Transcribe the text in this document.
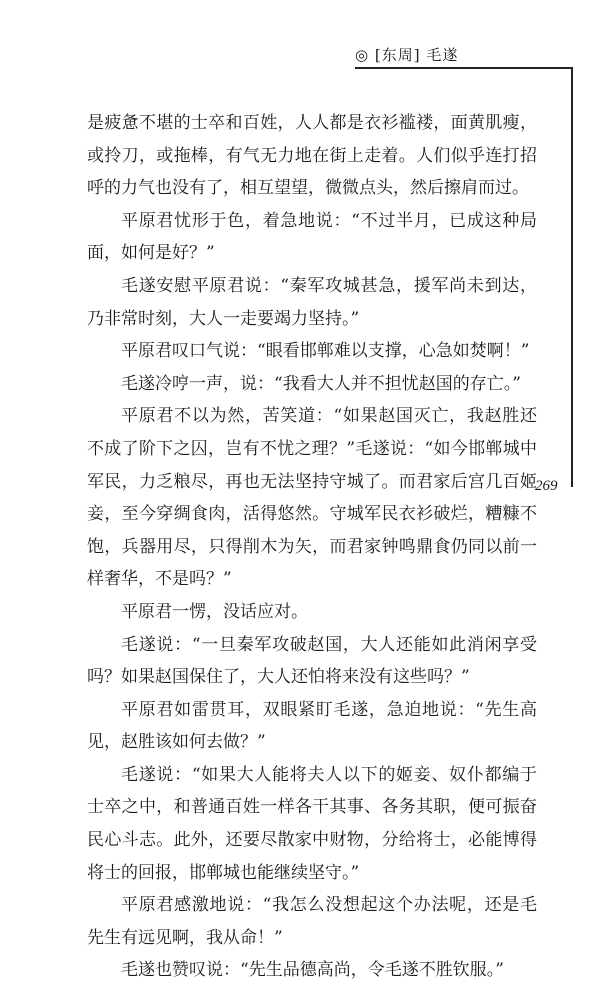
◎ [东周] 毛遂
269

是疲惫不堪的士卒和百姓，人人都是衣衫褴褛，面黄肌瘦，或拎刀，或拖棒，有气无力地在街上走着。人们似乎连打招呼的力气也没有了，相互望望，微微点头，然后擦肩而过。

平原君忧形于色，着急地说：“不过半月，已成这种局面，如何是好？”

毛遂安慰平原君说：“秦军攻城甚急，援军尚未到达，乃非常时刻，大人一走要竭力坚持。”

平原君叹口气说：“眼看邯郸难以支撑，心急如焚啊！”

毛遂冷哼一声，说：“我看大人并不担忧赵国的存亡。”

平原君不以为然，苦笑道：“如果赵国灭亡，我赵胜还不成了阶下之囚，岂有不忧之理？”毛遂说：“如今邯郸城中军民，力乏粮尽，再也无法坚持守城了。而君家后宫几百姬妾，至今穿绸食肉，活得悠然。守城军民衣衫破烂，糟糠不饱，兵器用尽，只得削木为矢，而君家钟鸣鼎食仍同以前一样奢华，不是吗？”

平原君一愣，没话应对。

毛遂说：“一旦秦军攻破赵国，大人还能如此消闲享受吗？如果赵国保住了，大人还怕将来没有这些吗？”

平原君如雷贯耳，双眼紧盯毛遂，急迫地说：“先生高见，赵胜该如何去做？”

毛遂说：“如果大人能将夫人以下的姬妾、奴仆都编于士卒之中，和普通百姓一样各干其事、各务其职，便可振奋民心斗志。此外，还要尽散家中财物，分给将士，必能博得将士的回报，邯郸城也能继续坚守。”

平原君感激地说：“我怎么没想起这个办法呢，还是毛先生有远见啊，我从命！”

毛遂也赞叹说：“先生品德高尚，令毛遂不胜钦服。”
